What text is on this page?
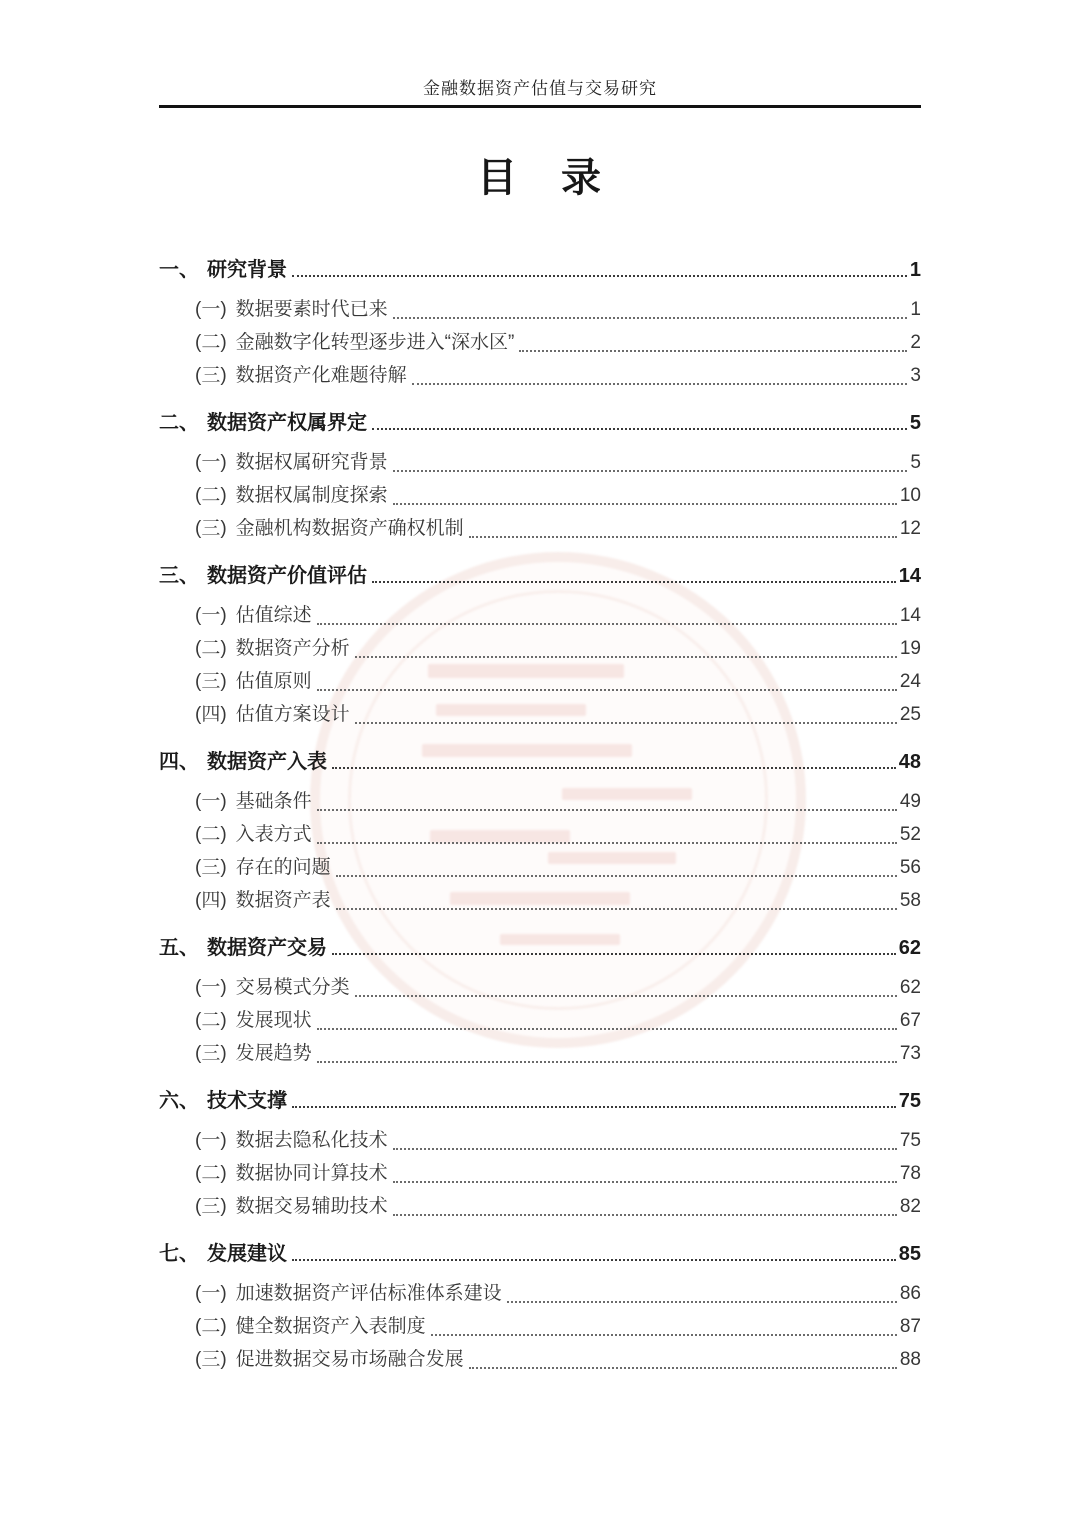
金融数据资产估值与交易研究
目　录
一、 研究背景	1
(一) 数据要素时代已来	1
(二) 金融数字化转型逐步进入“深水区”	2
(三) 数据资产化难题待解	3
二、 数据资产权属界定	5
(一) 数据权属研究背景	5
(二) 数据权属制度探索	10
(三) 金融机构数据资产确权机制	12
三、 数据资产价值评估	14
(一) 估值综述	14
(二) 数据资产分析	19
(三) 估值原则	24
(四) 估值方案设计	25
四、 数据资产入表	48
(一) 基础条件	49
(二) 入表方式	52
(三) 存在的问题	56
(四) 数据资产表	58
五、 数据资产交易	62
(一) 交易模式分类	62
(二) 发展现状	67
(三) 发展趋势	73
六、 技术支撑	75
(一) 数据去隐私化技术	75
(二) 数据协同计算技术	78
(三) 数据交易辅助技术	82
七、 发展建议	85
(一) 加速数据资产评估标准体系建设	86
(二) 健全数据资产入表制度	87
(三) 促进数据交易市场融合发展	88
